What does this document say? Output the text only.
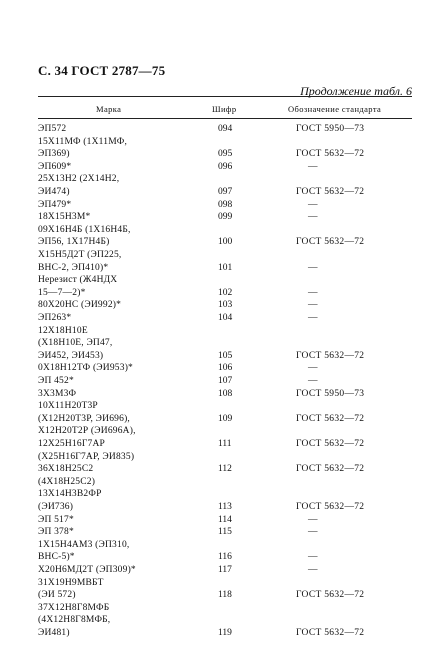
С. 34 ГОСТ 2787—75
Продолжение табл. 6
Марка	Шифр	Обозначение стандарта
ЭП572	094	ГОСТ 5950—73
15Х11МФ (1Х11МФ,
ЭП369)	095	ГОСТ 5632—72
ЭП609*	096	—
25Х13Н2 (2Х14Н2,
ЭИ474)	097	ГОСТ 5632—72
ЭП479*	098	—
18Х15Н3М*	099	—
09Х16Н4Б (1Х16Н4Б,
ЭП56, 1Х17Н4Б)	100	ГОСТ 5632—72
Х15Н5Д2Т (ЭП225,
ВНС-2, ЭП410)*	101	—
Нерезист (Ж4НДХ
15—7—2)*	102	—
80Х20НС (ЭИ992)*	103	—
ЭП263*	104	—
12Х18Н10Е
(Х18Н10Е, ЭП47,
ЭИ452, ЭИ453)	105	ГОСТ 5632—72
0Х18Н12ТФ (ЭИ953)*	106	—
ЭП 452*	107	—
3Х3М3Ф	108	ГОСТ 5950—73
10Х11Н20Т3Р
(Х12Н20Т3Р, ЭИ696),	109	ГОСТ 5632—72
Х12Н20Т2Р (ЭИ696А),
12Х25Н16Г7АР	111	ГОСТ 5632—72
(Х25Н16Г7АР, ЭИ835)
36Х18Н25С2	112	ГОСТ 5632—72
(4Х18Н25С2)
13Х14Н3В2ФР
(ЭИ736)	113	ГОСТ 5632—72
ЭП 517*	114	—
ЭП 378*	115	—
1Х15Н4АМ3 (ЭП310,
ВНС-5)*	116	—
Х20Н6МД2Т (ЭП309)*	117	—
31Х19Н9МВБТ
(ЭИ 572)	118	ГОСТ 5632—72
37Х12Н8Г8МФБ
(4Х12Н8Г8МФБ,
ЭИ481)	119	ГОСТ 5632—72
